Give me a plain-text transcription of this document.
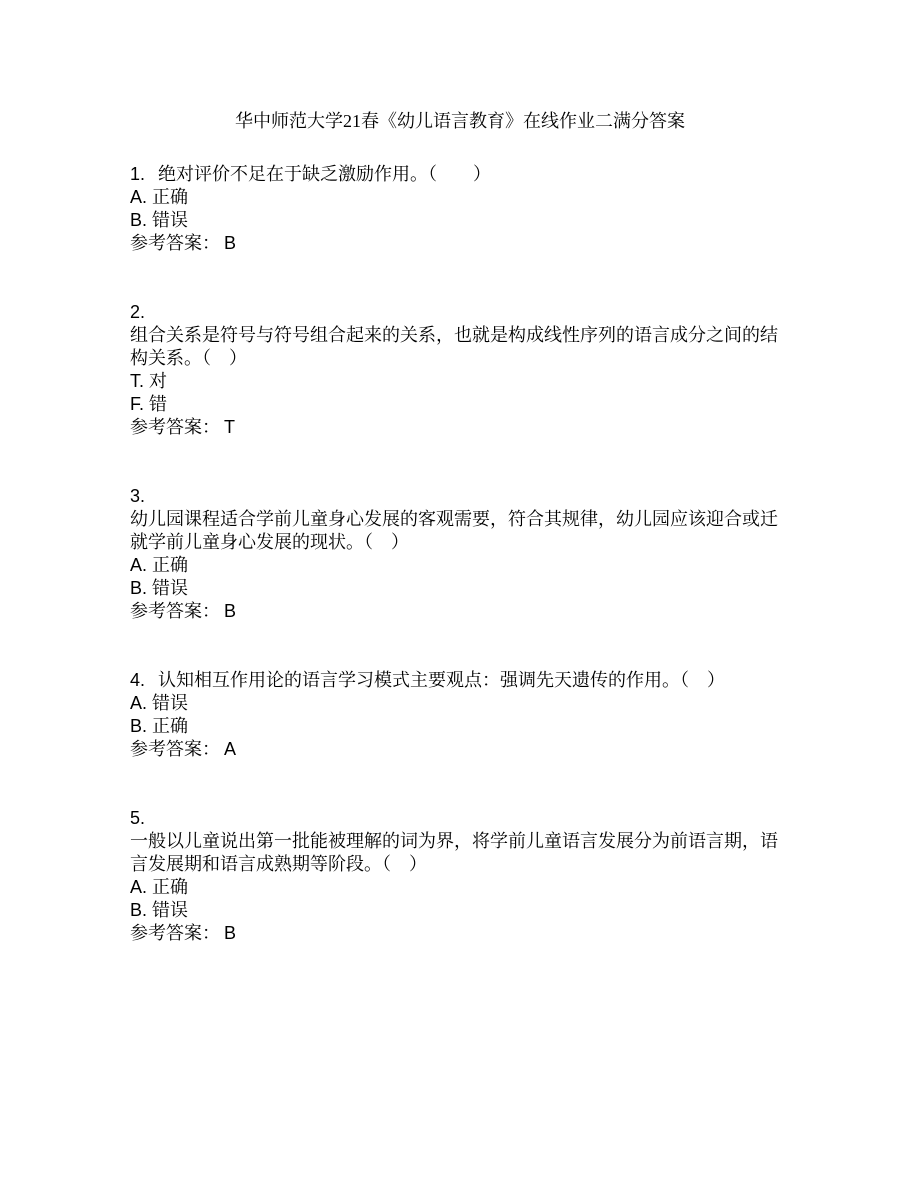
华中师范大学21春《幼儿语言教育》在线作业二满分答案

1. 绝对评价不足在于缺乏激励作用。（　　）

A. 正确

B. 错误

参考答案： B

2.

组合关系是符号与符号组合起来的关系，也就是构成线性序列的语言成分之间的结构关系。（　）

T. 对

F. 错

参考答案： T

3.

幼儿园课程适合学前儿童身心发展的客观需要，符合其规律，幼儿园应该迎合或迁就学前儿童身心发展的现状。（　）

A. 正确

B. 错误

参考答案： B

4. 认知相互作用论的语言学习模式主要观点：强调先天遗传的作用。（　）

A. 错误

B. 正确

参考答案： A

5.

一般以儿童说出第一批能被理解的词为界，将学前儿童语言发展分为前语言期，语言发展期和语言成熟期等阶段。（　）

A. 正确

B. 错误

参考答案： B
